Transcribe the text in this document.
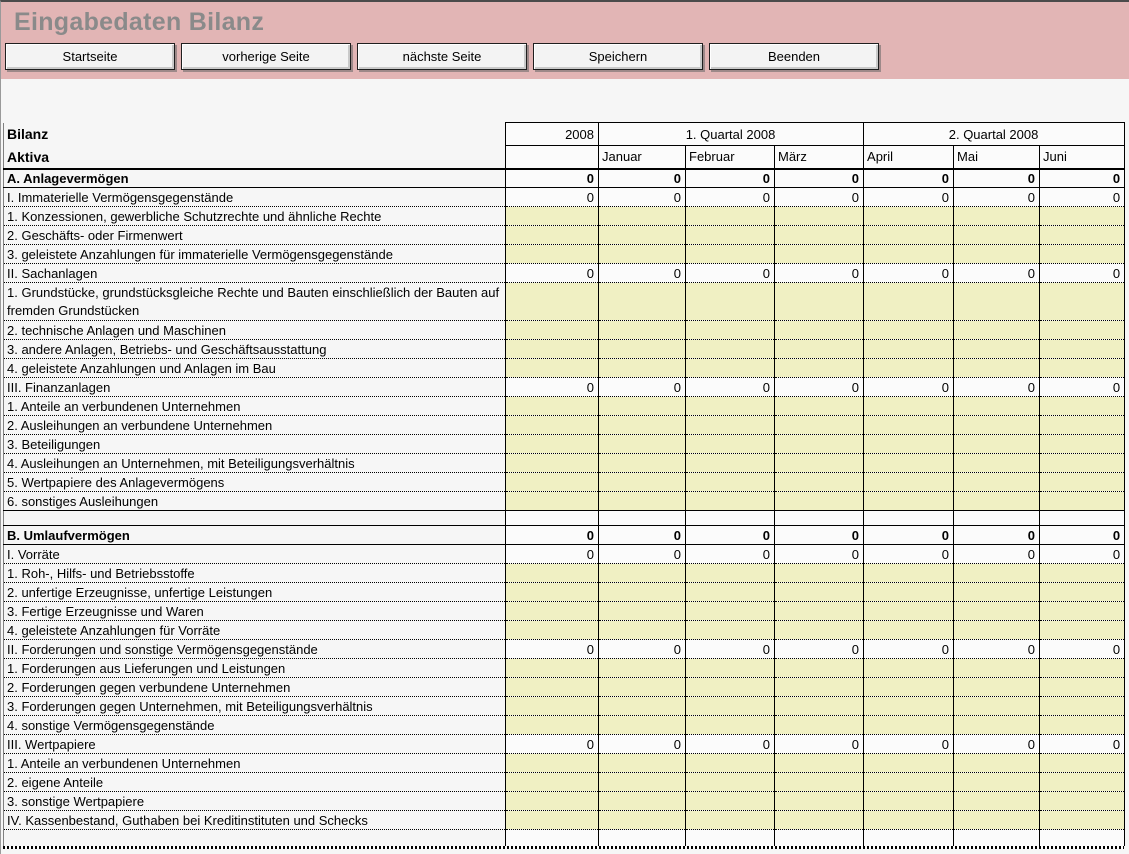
Eingabedaten Bilanz
Startseite	vorherige Seite	nächste Seite	Speichern	Beenden
Bilanz	2008	1. Quartal 2008			2. Quartal 2008		

Aktiva		Januar	Februar	März	April	Mai	Juni
A. Anlagevermögen	0	0	0	0	0	0	0
I. Immaterielle Vermögensgegenstände	0	0	0	0	0	0	0
1. Konzessionen, gewerbliche Schutzrechte und ähnliche Rechte							
2. Geschäfts- oder Firmenwert							
3. geleistete Anzahlungen für immaterielle Vermögensgegenstände							
II. Sachanlagen	0	0	0	0	0	0	0
1. Grundstücke, grundstücksgleiche Rechte und Bauten einschließlich der Bauten auf fremden Grundstücken							
2. technische Anlagen und Maschinen							
3. andere Anlagen, Betriebs- und Geschäftsausstattung							
4. geleistete Anzahlungen und Anlagen im Bau							
III. Finanzanlagen	0	0	0	0	0	0	0
1. Anteile an verbundenen Unternehmen							
2. Ausleihungen an verbundene Unternehmen							
3. Beteiligungen							
4. Ausleihungen an Unternehmen, mit Beteiligungsverhältnis							
5. Wertpapiere des Anlagevermögens							
6. sonstiges Ausleihungen							

B. Umlaufvermögen	0	0	0	0	0	0	0
I. Vorräte	0	0	0	0	0	0	0
1. Roh-, Hilfs- und Betriebsstoffe							
2. unfertige Erzeugnisse, unfertige Leistungen							
3. Fertige Erzeugnisse und Waren							
4. geleistete Anzahlungen für Vorräte							
II. Forderungen und sonstige Vermögensgegenstände	0	0	0	0	0	0	0
1. Forderungen aus Lieferungen und Leistungen							
2. Forderungen gegen verbundene Unternehmen							
3. Forderungen gegen Unternehmen, mit Beteiligungsverhältnis							
4. sonstige Vermögensgegenstände							
III. Wertpapiere	0	0	0	0	0	0	0
1. Anteile an verbundenen Unternehmen							
2. eigene Anteile							
3. sonstige Wertpapiere							
IV. Kassenbestand, Guthaben bei Kreditinstituten und Schecks							
